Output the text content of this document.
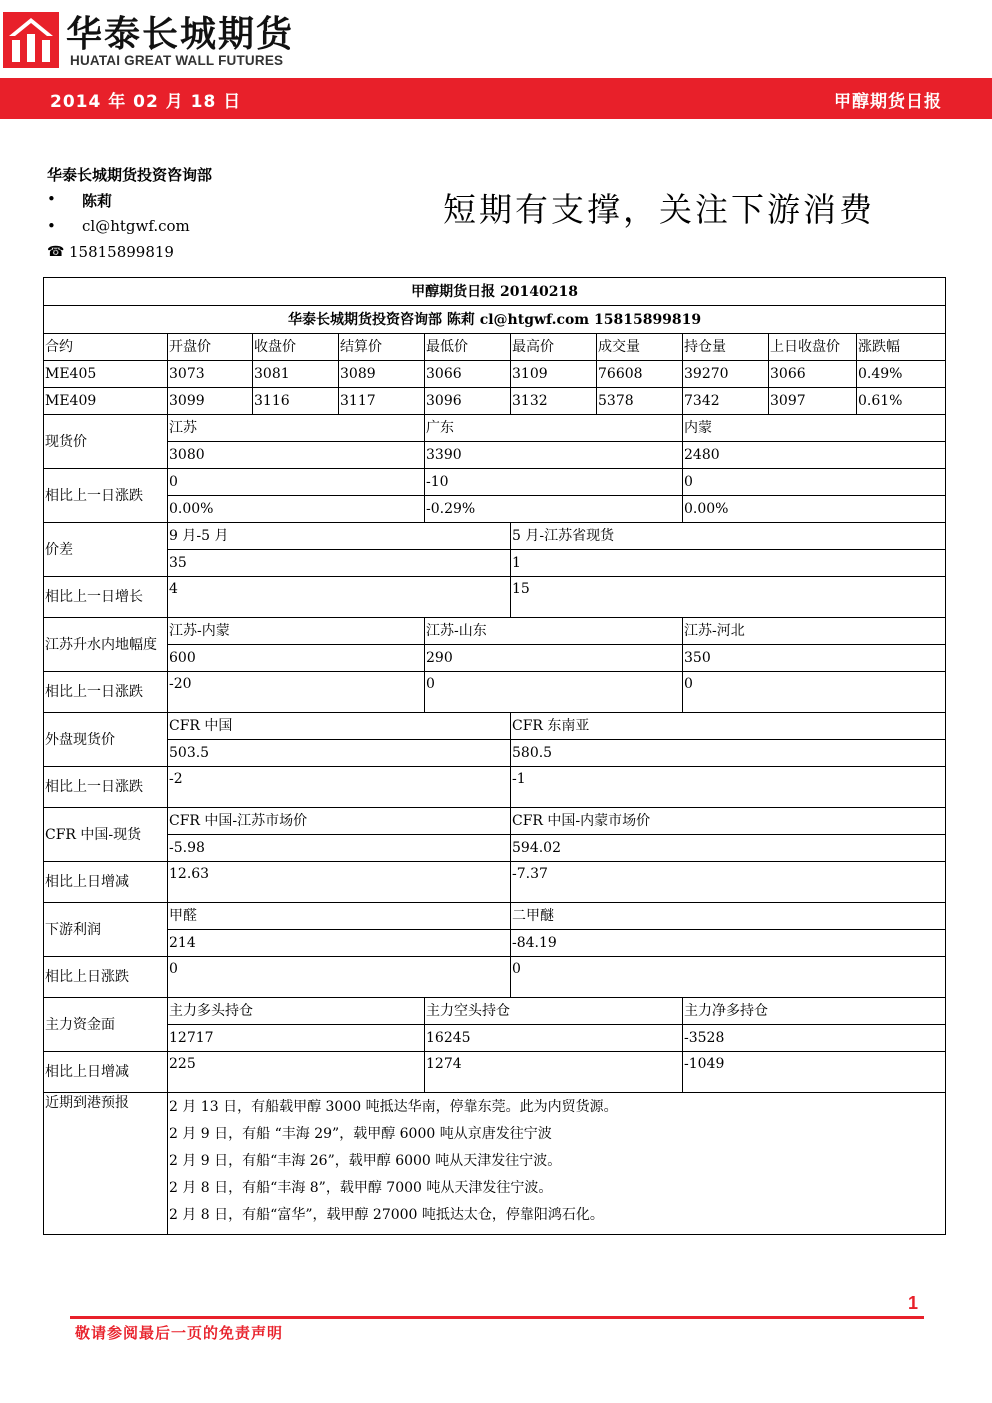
华泰长城期货
HUATAI GREAT WALL FUTURES
2014 年 02 月 18 日	甲醇期货日报
华泰长城期货投资咨询部
• 陈莉
• cl@htgwf.com
☎ 15815899819
短期有支撑，关注下游消费
甲醇期货日报 20140218									
华泰长城期货投资咨询部 陈莉 cl@htgwf.com 15815899819									
合约	开盘价	收盘价	结算价	最低价	最高价	成交量	持仓量	上日收盘价	涨跌幅
ME405	3073	3081	3089	3066	3109	76608	39270	3066	0.49%
ME409	3099	3116	3117	3096	3132	5378	7342	3097	0.61%
现货价	江苏			广东			内蒙		
	3080			3390			2480		
相比上一日涨跌	0			-10			0		
	0.00%			-0.29%			0.00%		
价差	9 月-5 月				5 月-江苏省现货				
	35				1				
相比上一日增长	4				15				
江苏升水内地幅度	江苏-内蒙			江苏-山东			江苏-河北		
	600			290			350		
相比上一日涨跌	-20			0			0		
外盘现货价	CFR 中国				CFR 东南亚				
	503.5				580.5				
相比上一日涨跌	-2				-1				
CFR 中国-现货	CFR 中国-江苏市场价				CFR 中国-内蒙市场价				
	-5.98				594.02				
相比上日增减	12.63				-7.37				
下游利润	甲醛				二甲醚				
	214				-84.19				
相比上日涨跌	0				0				
主力资金面	主力多头持仓			主力空头持仓			主力净多持仓		
	12717			16245			-3528		
相比上日增减	225			1274			-1049		
近期到港预报	2 月 13 日，有船载甲醇 3000 吨抵达华南，停靠东莞。此为内贸货源。
2 月 9 日，有船 “丰海 29”，载甲醇 6000 吨从京唐发往宁波
2 月 9 日，有船“丰海 26”，载甲醇 6000 吨从天津发往宁波。
2 月 8 日，有船“丰海 8”，载甲醇 7000 吨从天津发往宁波。
2 月 8 日，有船“富华”，载甲醇 27000 吨抵达太仓，停靠阳鸿石化。								
1
敬请参阅最后一页的免责声明
